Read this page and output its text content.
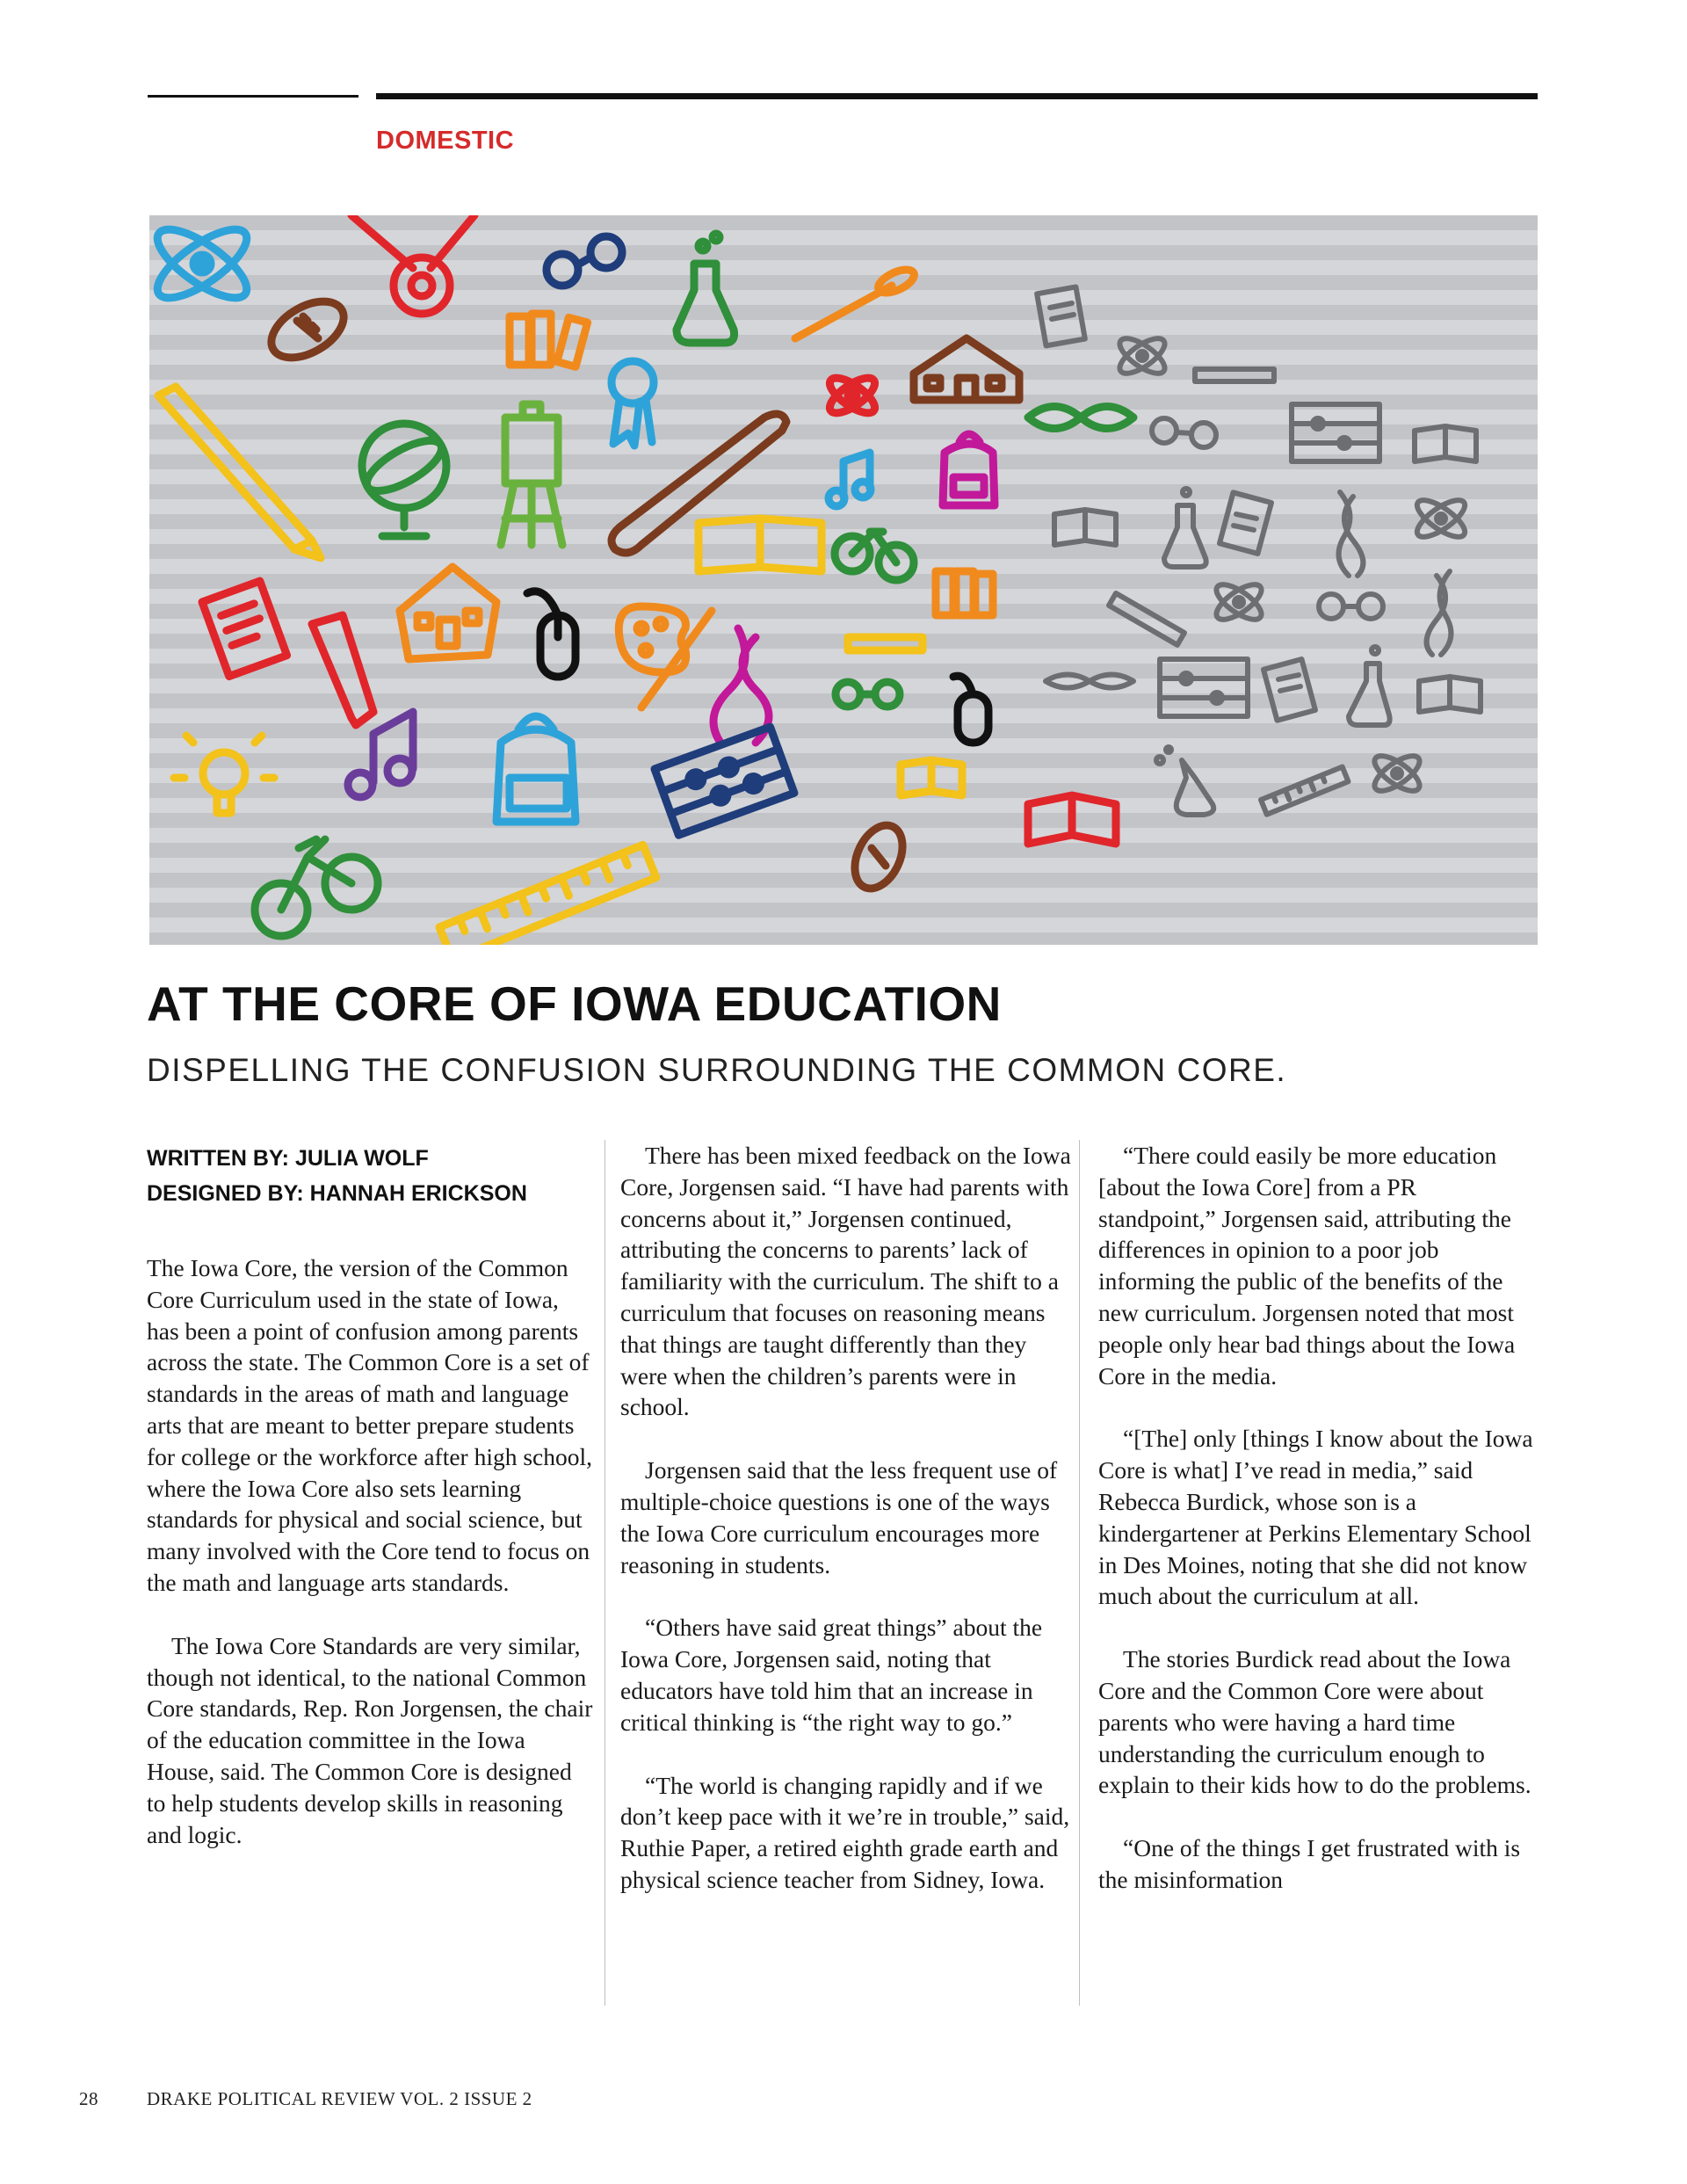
DOMESTIC
AT THE CORE OF IOWA EDUCATION
DISPELLING THE CONFUSION SURROUNDING THE COMMON CORE.
WRITTEN BY: JULIA WOLF
DESIGNED BY: HANNAH ERICKSON

The Iowa Core, the version of the Common Core Curriculum used in the state of Iowa, has been a point of confusion among parents across the state. The Common Core is a set of standards in the areas of math and language arts that are meant to better prepare students for college or the workforce after high school, where the Iowa Core also sets learning standards for physical and social science, but many involved with the Core tend to focus on the math and language arts standards.

The Iowa Core Standards are very similar, though not identical, to the national Common Core standards, Rep. Ron Jorgensen, the chair of the education committee in the Iowa House, said. The Common Core is designed to help students develop skills in reasoning and logic.

There has been mixed feedback on the Iowa Core, Jorgensen said. “I have had parents with concerns about it,” Jorgensen continued, attributing the concerns to parents’ lack of familiarity with the curriculum. The shift to a curriculum that focuses on reasoning means that things are taught differently than they were when the children’s parents were in school.

Jorgensen said that the less frequent use of multiple-choice questions is one of the ways the Iowa Core curriculum encourages more reasoning in students.

“Others have said great things” about the Iowa Core, Jorgensen said, noting that educators have told him that an increase in critical thinking is “the right way to go.”

“The world is changing rapidly and if we don’t keep pace with it we’re in trouble,” said, Ruthie Paper, a retired eighth grade earth and physical science teacher from Sidney, Iowa.

“There could easily be more education [about the Iowa Core] from a PR standpoint,” Jorgensen said, attributing the differences in opinion to a poor job informing the public of the benefits of the new curriculum. Jorgensen noted that most people only hear bad things about the Iowa Core in the media.

“[The] only [things I know about the Iowa Core is what] I’ve read in media,” said Rebecca Burdick, whose son is a kindergartener at Perkins Elementary School in Des Moines, noting that she did not know much about the curriculum at all.

The stories Burdick read about the Iowa Core and the Common Core were about parents who were having a hard time understanding the curriculum enough to explain to their kids how to do the problems.

“One of the things I get frustrated with is the misinformation

28	DRAKE POLITICAL REVIEW VOL. 2 ISSUE 2
